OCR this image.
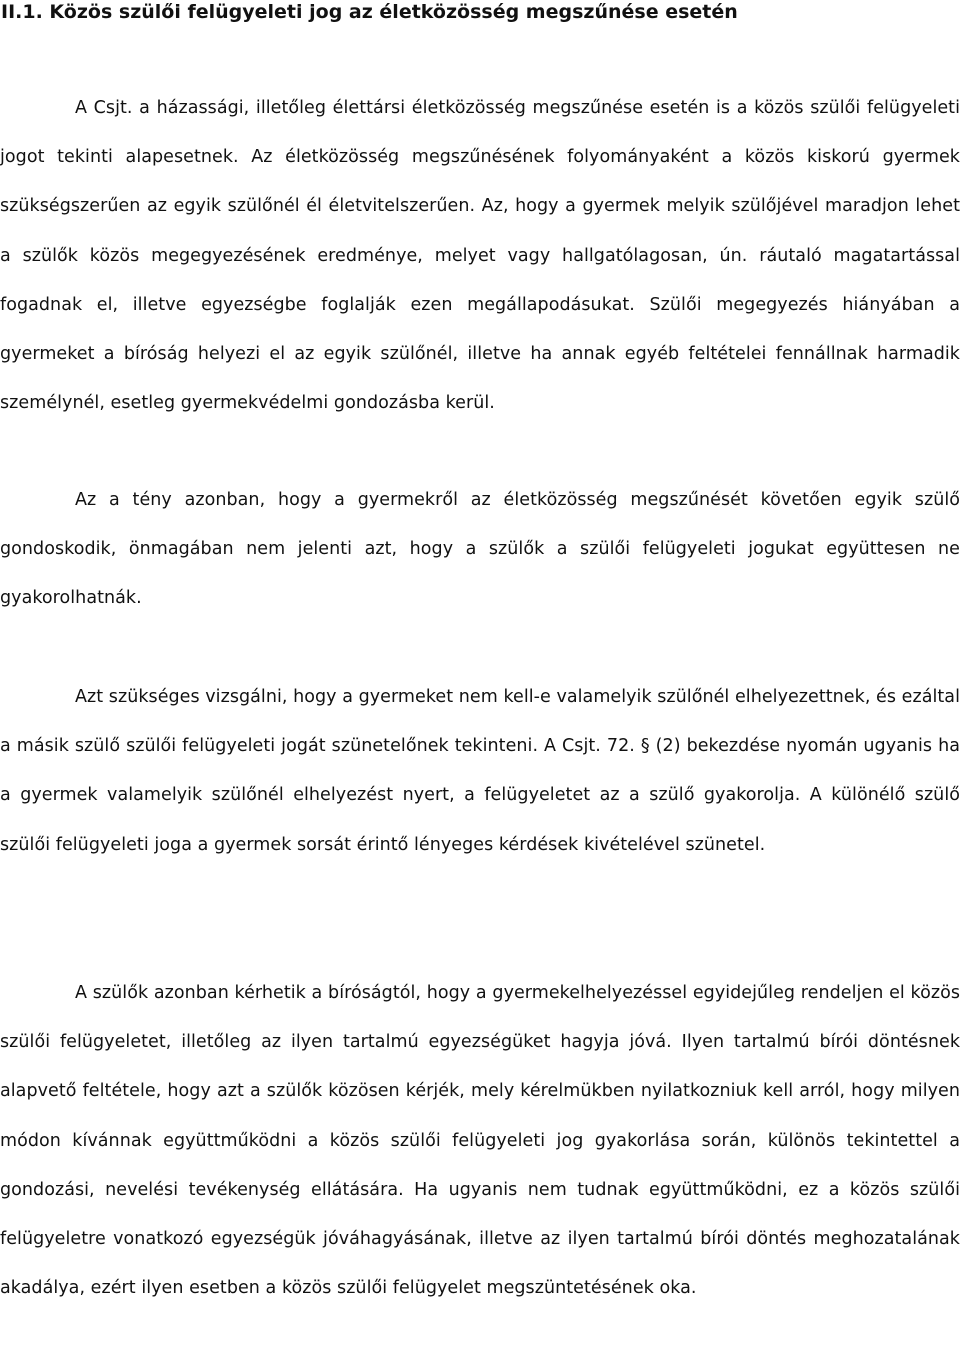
II.1. Közös szülői felügyeleti jog az életközösség megszűnése esetén

A Csjt. a házassági, illetőleg élettársi életközösség megszűnése esetén is a közös szülői felügyeleti jogot tekinti alapesetnek. Az életközösség megszűnésének folyományaként a közös kiskorú gyermek szükségszerűen az egyik szülőnél él életvitelszerűen. Az, hogy a gyermek melyik szülőjével maradjon lehet a szülők közös megegyezésének eredménye, melyet vagy hallgatólagosan, ún. ráutaló magatartással fogadnak el, illetve egyezségbe foglalják ezen megállapodásukat. Szülői megegyezés hiányában a gyermeket a bíróság helyezi el az egyik szülőnél, illetve ha annak egyéb feltételei fennállnak harmadik személynél, esetleg gyermekvédelmi gondozásba kerül.

Az a tény azonban, hogy a gyermekről az életközösség megszűnését követően egyik szülő gondoskodik, önmagában nem jelenti azt, hogy a szülők a szülői felügyeleti jogukat együttesen ne gyakorolhatnák.

Azt szükséges vizsgálni, hogy a gyermeket nem kell-e valamelyik szülőnél elhelyezettnek, és ezáltal a másik szülő szülői felügyeleti jogát szünetelőnek tekinteni. A Csjt. 72. § (2) bekezdése nyomán ugyanis ha a gyermek valamelyik szülőnél elhelyezést nyert, a felügyeletet az a szülő gyakorolja. A különélő szülő szülői felügyeleti joga a gyermek sorsát érintő lényeges kérdések kivételével szünetel.

A szülők azonban kérhetik a bíróságtól, hogy a gyermekelhelyezéssel egyidejűleg rendeljen el közös szülői felügyeletet, illetőleg az ilyen tartalmú egyezségüket hagyja jóvá. Ilyen tartalmú bírói döntésnek alapvető feltétele, hogy azt a szülők közösen kérjék, mely kérelmükben nyilatkozniuk kell arról, hogy milyen módon kívánnak együttműködni a közös szülői felügyeleti jog gyakorlása során, különös tekintettel a gondozási, nevelési tevékenység ellátására. Ha ugyanis nem tudnak együttműködni, ez a közös szülői felügyeletre vonatkozó egyezségük jóváhagyásának, illetve az ilyen tartalmú bírói döntés meghozatalának akadálya, ezért ilyen esetben a közös szülői felügyelet megszüntetésének oka.
